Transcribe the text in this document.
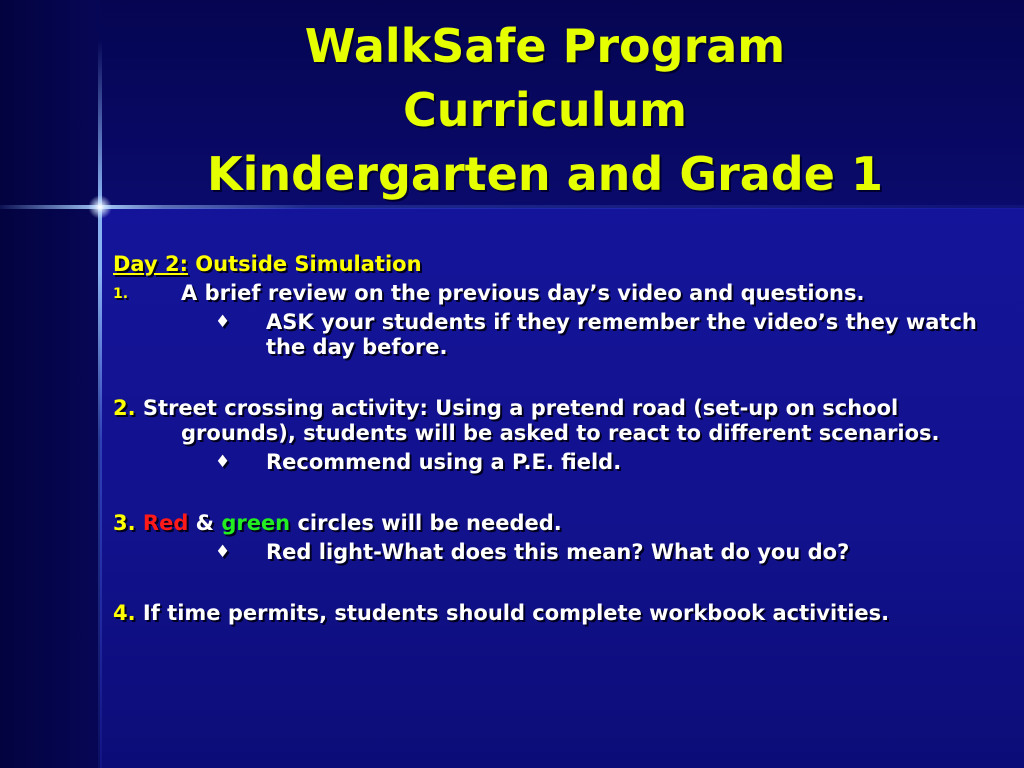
WalkSafe Program
Curriculum
Kindergarten and Grade 1
Day 2: Outside Simulation
1.	A brief review on the previous day’s video and questions.
♦ ASK your students if they remember the video’s they watch the day before.
2. Street crossing activity: Using a pretend road (set-up on school grounds), students will be asked to react to different scenarios.
♦ Recommend using a P.E. field.
3. Red & green circles will be needed.
♦ Red light-What does this mean? What do you do?
4. If time permits, students should complete workbook activities.
